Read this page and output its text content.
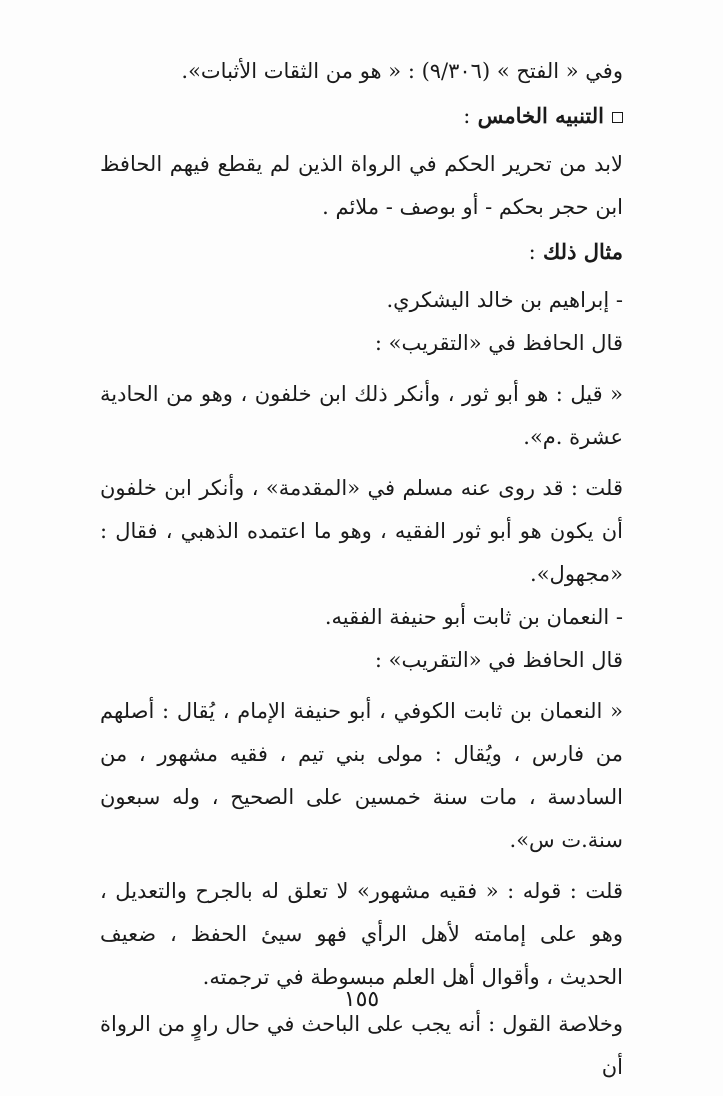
وفي « الفتح » (٩/٣٠٦) : « هو من الثقات الأثبات».

التنبيه الخامس :

لابد من تحرير الحكم في الرواة الذين لم يقطع فيهم الحافظ ابن حجر بحكم - أو بوصف - ملائم .

مثال ذلك :

- إبراهيم بن خالد اليشكري.

قال الحافظ في «التقريب» :

« قيل : هو أبو ثور ، وأنكر ذلك ابن خلفون ، وهو من الحادية عشرة .م».

قلت : قد روى عنه مسلم في «المقدمة» ، وأنكر ابن خلفون أن يكون هو أبو ثور الفقيه ، وهو ما اعتمده الذهبي ، فقال : «مجهول».

- النعمان بن ثابت أبو حنيفة الفقيه.

قال الحافظ في «التقريب» :

« النعمان بن ثابت الكوفي ، أبو حنيفة الإمام ، يُقال : أصلهم من فارس ، ويُقال : مولى بني تيم ، فقيه مشهور ، من السادسة ، مات سنة خمسين على الصحيح ، وله سبعون سنة.ت س».

قلت : قوله : « فقيه مشهور» لا تعلق له بالجرح والتعديل ، وهو على إمامته لأهل الرأي فهو سيئ الحفظ ، ضعيف الحديث ، وأقوال أهل العلم مبسوطة في ترجمته.

وخلاصة القول : أنه يجب على الباحث في حال راوٍ من الرواة أن

١٥٥
